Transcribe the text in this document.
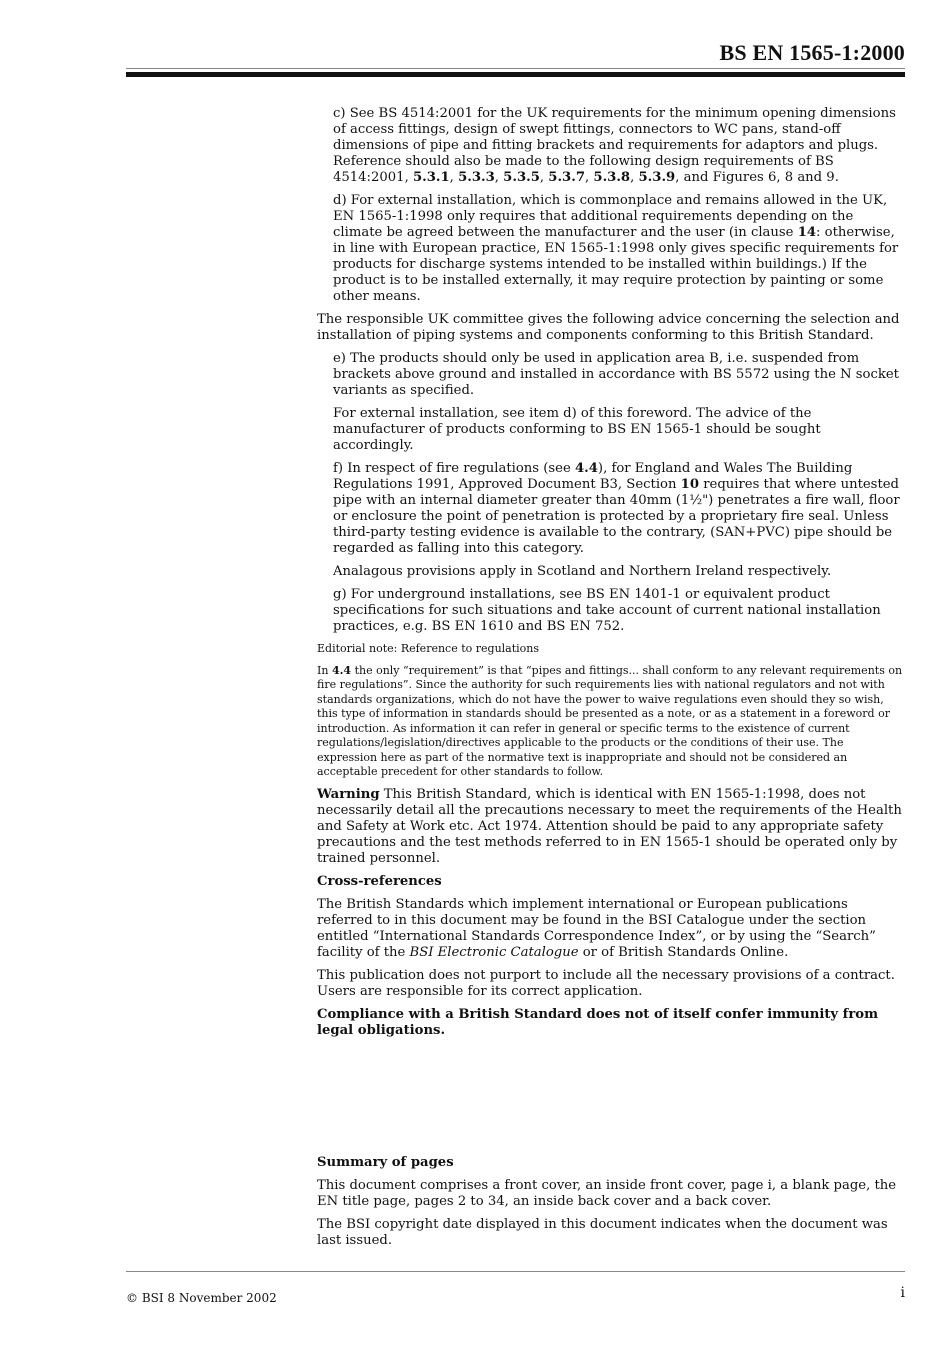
BS EN 1565-1:2000

c) See BS 4514:2001 for the UK requirements for the minimum opening dimensions of access fittings, design of swept fittings, connectors to WC pans, stand-off dimensions of pipe and fitting brackets and requirements for adaptors and plugs. Reference should also be made to the following design requirements of BS 4514:2001, 5.3.1, 5.3.3, 5.3.5, 5.3.7, 5.3.8, 5.3.9, and Figures 6, 8 and 9.

d) For external installation, which is commonplace and remains allowed in the UK, EN 1565-1:1998 only requires that additional requirements depending on the climate be agreed between the manufacturer and the user (in clause 14: otherwise, in line with European practice, EN 1565-1:1998 only gives specific requirements for products for discharge systems intended to be installed within buildings.) If the product is to be installed externally, it may require protection by painting or some other means.

The responsible UK committee gives the following advice concerning the selection and installation of piping systems and components conforming to this British Standard.

e) The products should only be used in application area B, i.e. suspended from brackets above ground and installed in accordance with BS 5572 using the N socket variants as specified.

For external installation, see item d) of this foreword. The advice of the manufacturer of products conforming to BS EN 1565-1 should be sought accordingly.

f) In respect of fire regulations (see 4.4), for England and Wales The Building Regulations 1991, Approved Document B3, Section 10 requires that where untested pipe with an internal diameter greater than 40mm (1½") penetrates a fire wall, floor or enclosure the point of penetration is protected by a proprietary fire seal. Unless third-party testing evidence is available to the contrary, (SAN+PVC) pipe should be regarded as falling into this category.

Analagous provisions apply in Scotland and Northern Ireland respectively.

g) For underground installations, see BS EN 1401-1 or equivalent product specifications for such situations and take account of current national installation practices, e.g. BS EN 1610 and BS EN 752.

Editorial note: Reference to regulations

In 4.4 the only “requirement” is that “pipes and fittings... shall conform to any relevant requirements on fire regulations”. Since the authority for such requirements lies with national regulators and not with standards organizations, which do not have the power to waive regulations even should they so wish, this type of information in standards should be presented as a note, or as a statement in a foreword or introduction. As information it can refer in general or specific terms to the existence of current regulations/legislation/directives applicable to the products or the conditions of their use. The expression here as part of the normative text is inappropriate and should not be considered an acceptable precedent for other standards to follow.

Warning This British Standard, which is identical with EN 1565-1:1998, does not necessarily detail all the precautions necessary to meet the requirements of the Health and Safety at Work etc. Act 1974. Attention should be paid to any appropriate safety precautions and the test methods referred to in EN 1565-1 should be operated only by trained personnel.

Cross-references

The British Standards which implement international or European publications referred to in this document may be found in the BSI Catalogue under the section entitled “International Standards Correspondence Index”, or by using the “Search” facility of the BSI Electronic Catalogue or of British Standards Online.

This publication does not purport to include all the necessary provisions of a contract. Users are responsible for its correct application.

Compliance with a British Standard does not of itself confer immunity from legal obligations.

Summary of pages

This document comprises a front cover, an inside front cover, page i, a blank page, the EN title page, pages 2 to 34, an inside back cover and a back cover.

The BSI copyright date displayed in this document indicates when the document was last issued.

© BSI 8 November 2002	i
